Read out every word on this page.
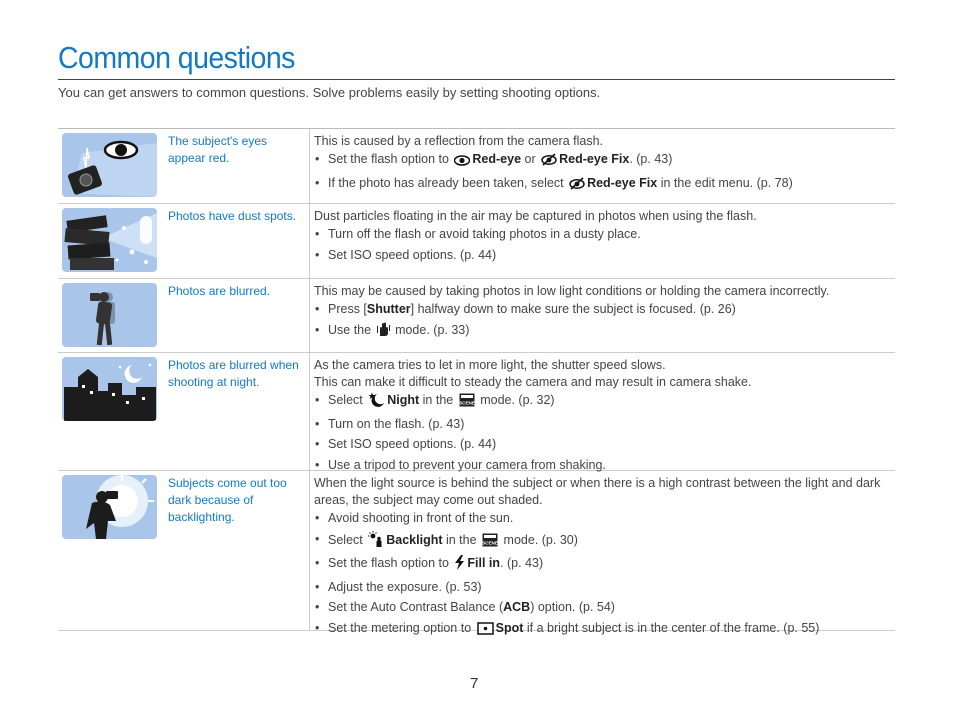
Common questions
You can get answers to common questions. Solve problems easily by setting shooting options.
The subject's eyes appear red.

This is caused by a reflection from the camera flash.

• Set the flash option to Red-eye or Red-eye Fix. (p. 43)
• If the photo has already been taken, select Red-eye Fix in the edit menu. (p. 78)
Photos have dust spots.	Dust particles floating in the air may be captured in photos when using the flash.

• Turn off the flash or avoid taking photos in a dusty place.
• Set ISO speed options. (p. 44)
Photos are blurred.	This may be caused by taking photos in low light conditions or holding the camera incorrectly.

• Press [Shutter] halfway down to make sure the subject is focused. (p. 26)
• Use the mode. (p. 33)
Photos are blurred when shooting at night.

As the camera tries to let in more light, the shutter speed slows.

This can make it difficult to steady the camera and may result in camera shake.

• Select Night in the SCENE mode. (p. 32)
• Turn on the flash. (p. 43)
• Set ISO speed options. (p. 44)
• Use a tripod to prevent your camera from shaking.
Subjects come out too dark because of backlighting.

When the light source is behind the subject or when there is a high contrast between the light and dark areas, the subject may come out shaded.

• Avoid shooting in front of the sun.
• Select Backlight in the SCENE mode. (p. 30)
• Set the flash option to Fill in. (p. 43)
• Adjust the exposure. (p. 53)
• Set the Auto Contrast Balance (ACB) option. (p. 54)
• Set the metering option to Spot if a bright subject is in the center of the frame. (p. 55)
7
